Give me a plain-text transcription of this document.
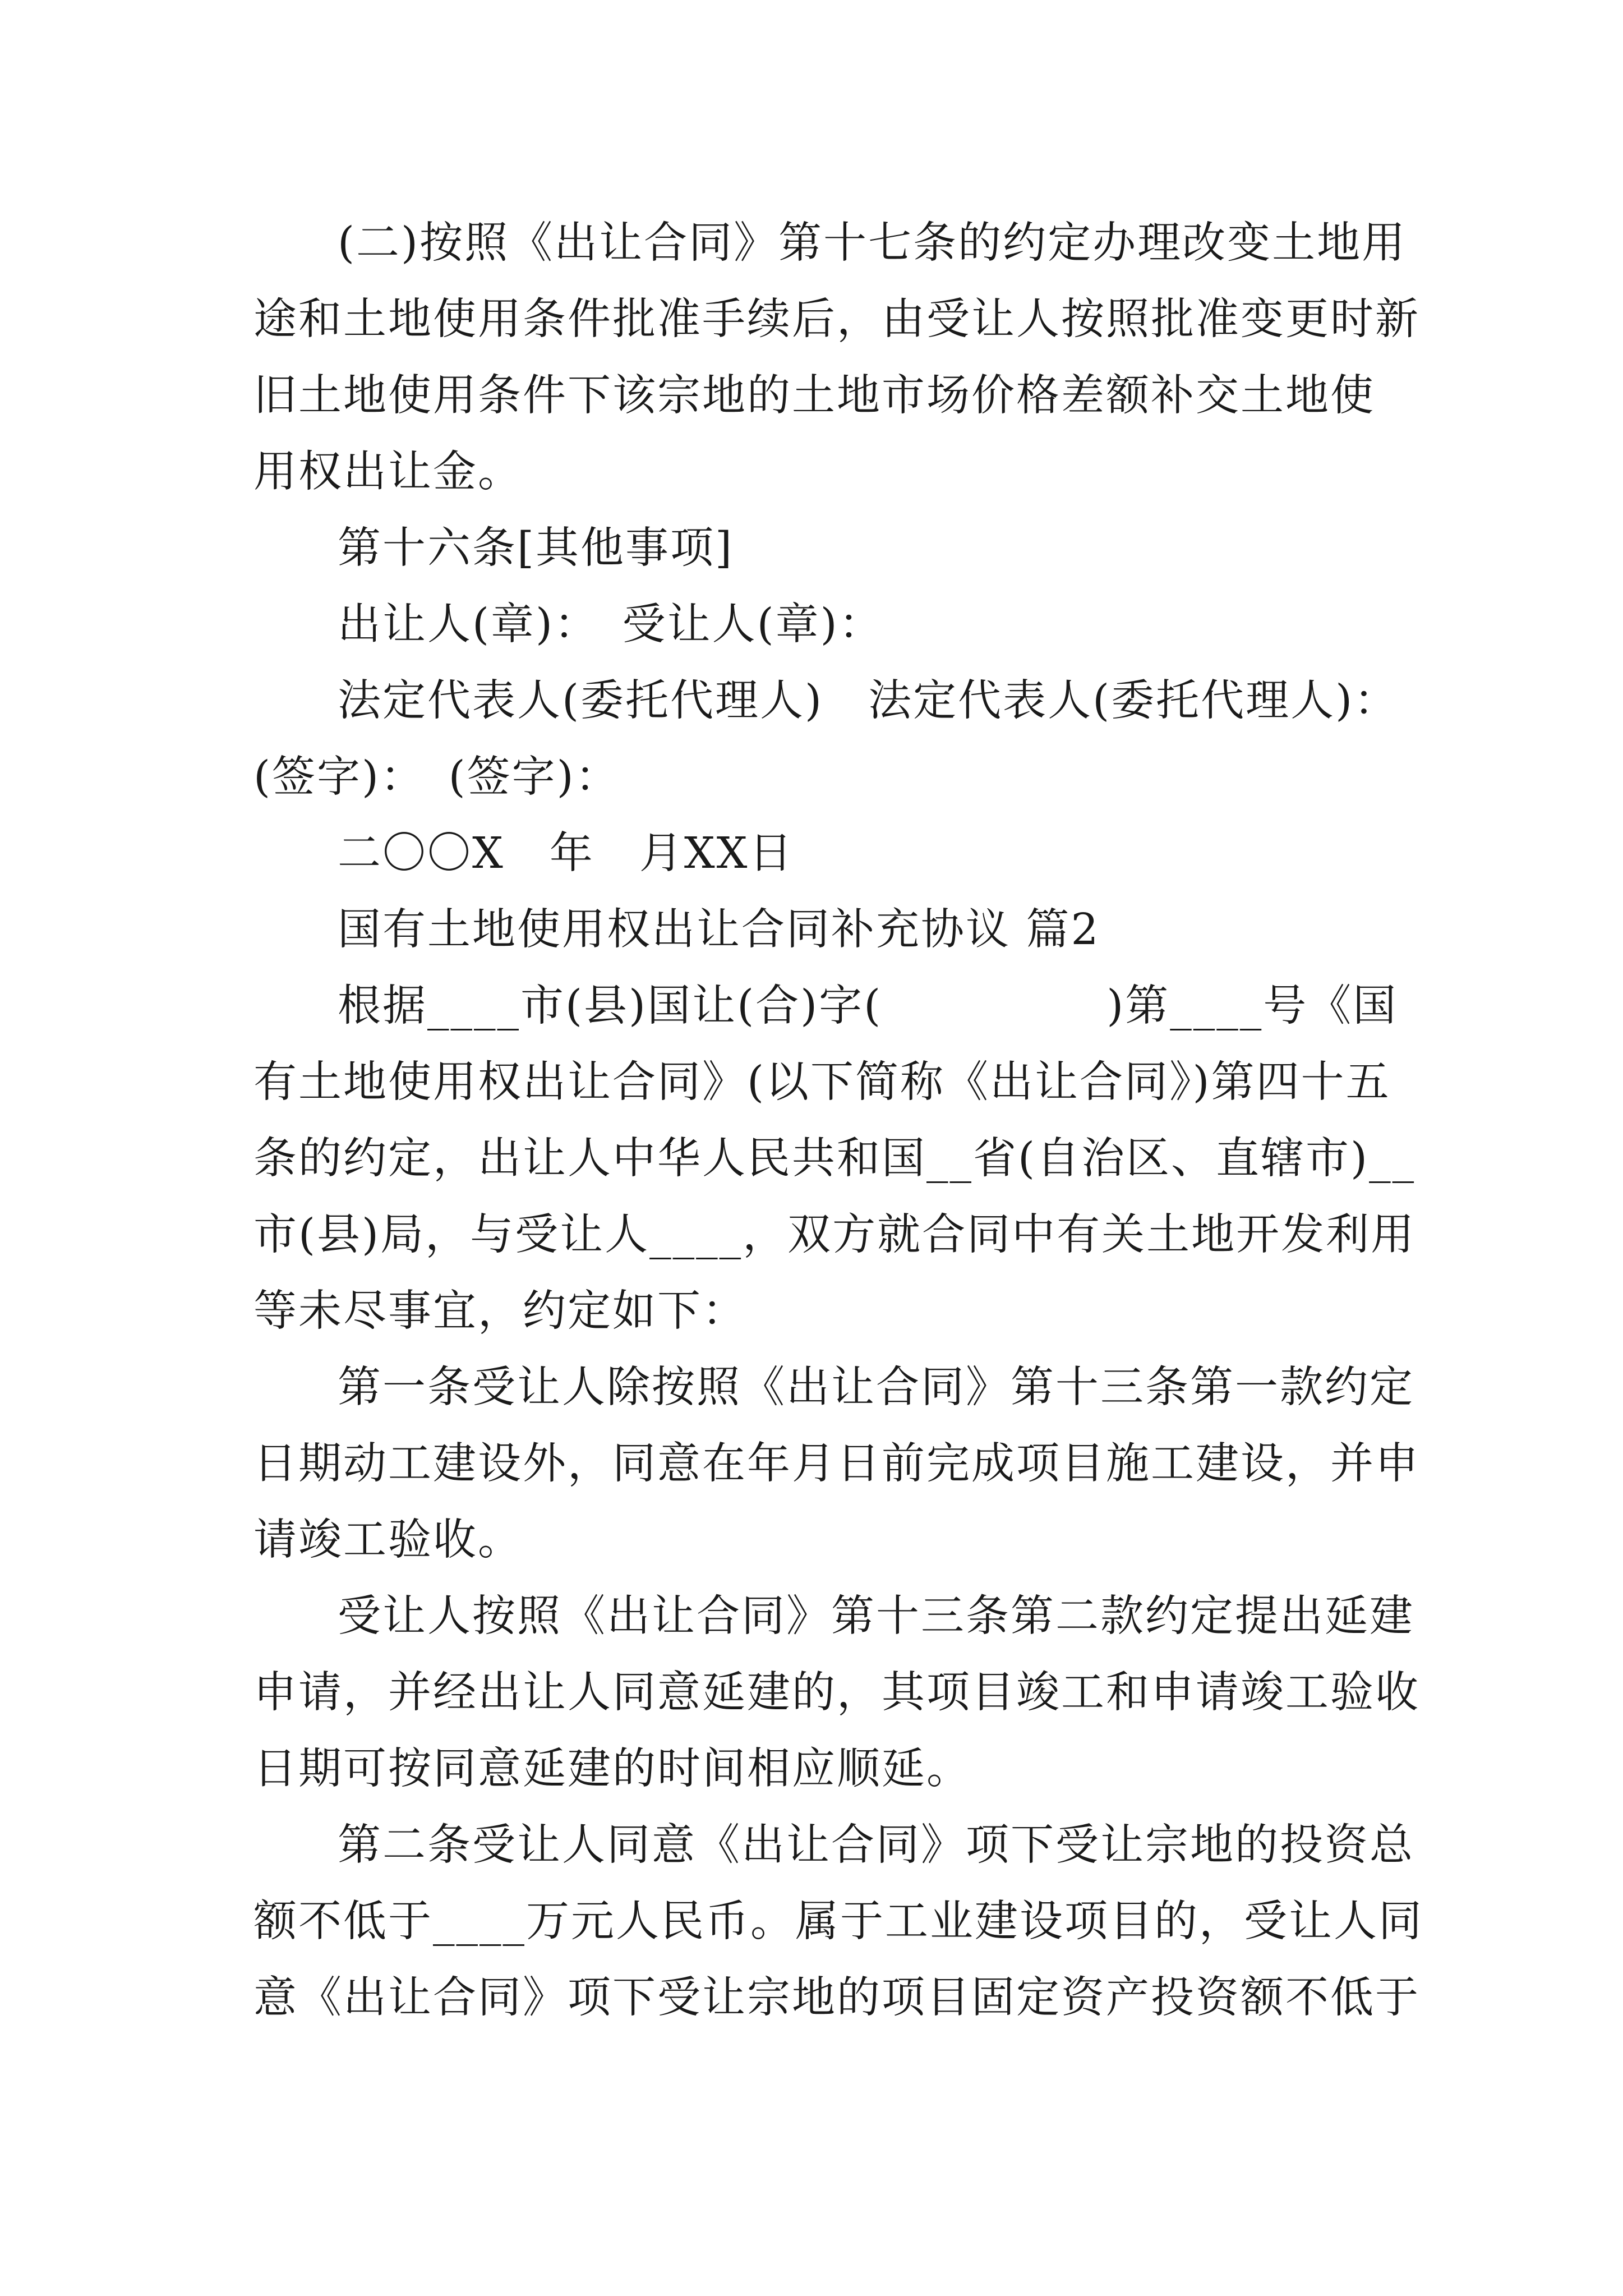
(二)按照《出让合同》第十七条的约定办理改变土地用
途和土地使用条件批准手续后，由受让人按照批准变更时新
旧土地使用条件下该宗地的土地市场价格差额补交土地使
用权出让金。
第十六条[其他事项]
出让人(章)：　受让人(章)：
法定代表人(委托代理人)　法定代表人(委托代理人)：
(签字)：　(签字)：
二〇〇X　年　月XX日
国有土地使用权出让合同补充协议 篇2
根据____市(县)国让(合)字(　　　　　)第____号《国
有土地使用权出让合同》(以下简称《出让合同》)第四十五
条的约定，出让人中华人民共和国__省(自治区、直辖市)__
市(县)局，与受让人____，双方就合同中有关土地开发利用
等未尽事宜，约定如下：
第一条受让人除按照《出让合同》第十三条第一款约定
日期动工建设外，同意在年月日前完成项目施工建设，并申
请竣工验收。
受让人按照《出让合同》第十三条第二款约定提出延建
申请，并经出让人同意延建的，其项目竣工和申请竣工验收
日期可按同意延建的时间相应顺延。
第二条受让人同意《出让合同》项下受让宗地的投资总
额不低于____万元人民币。属于工业建设项目的，受让人同
意《出让合同》项下受让宗地的项目固定资产投资额不低于
